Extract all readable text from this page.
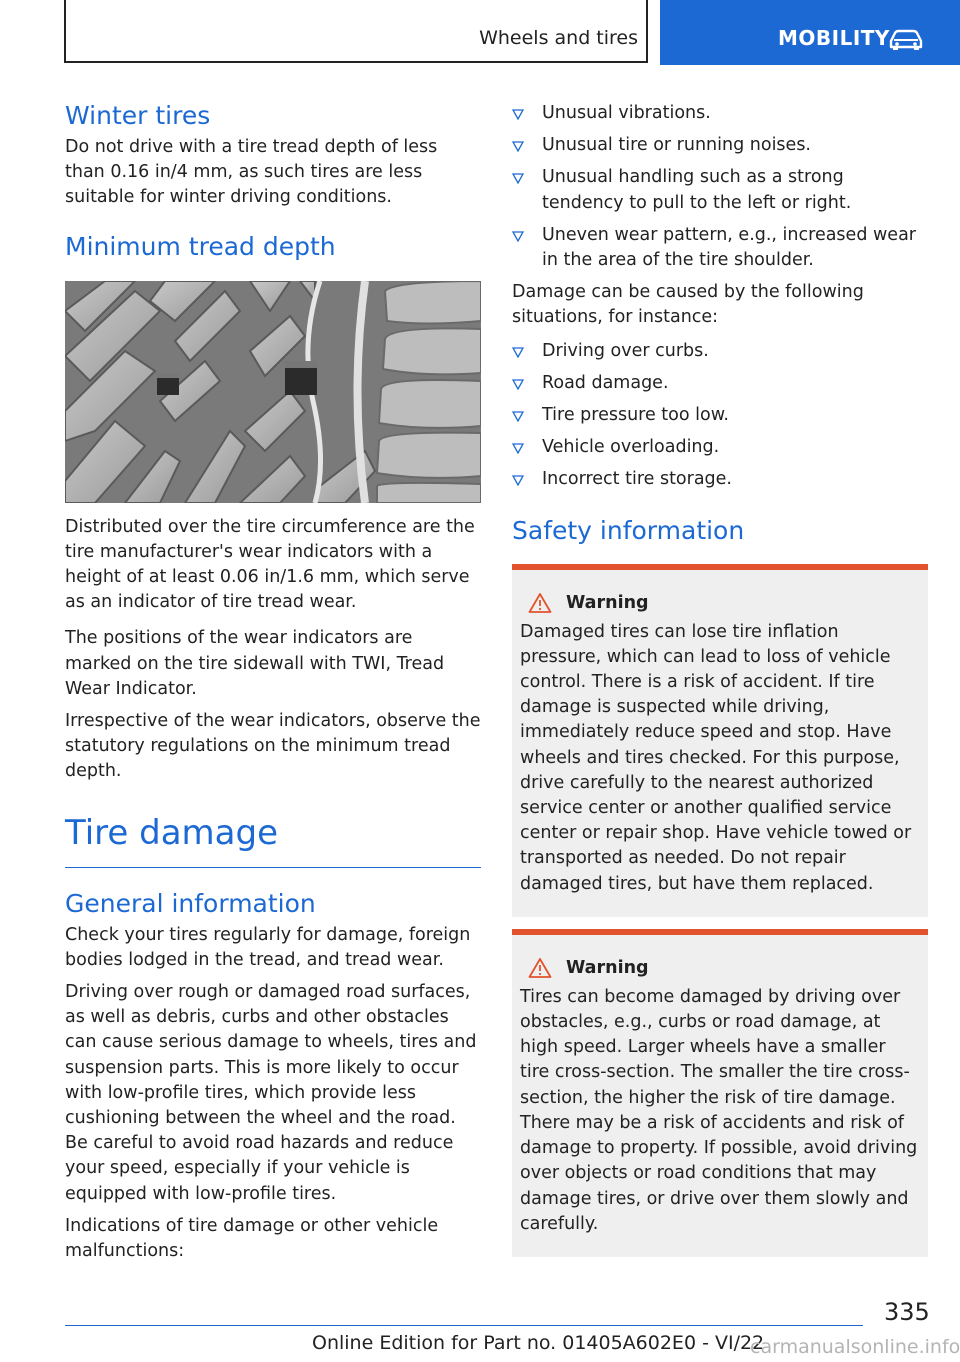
Wheels and tires	MOBILITY
Winter tires

Do not drive with a tire tread depth of less than 0.16 in/4 mm, as such tires are less suitable for winter driving conditions.

Minimum tread depth

Distributed over the tire circumference are the tire manufacturer's wear indicators with a height of at least 0.06 in/1.6 mm, which serve as an indicator of tire tread wear.

The positions of the wear indicators are marked on the tire sidewall with TWI, Tread Wear Indicator.

Irrespective of the wear indicators, observe the statutory regulations on the minimum tread depth.

Tire damage
General information

Check your tires regularly for damage, foreign bodies lodged in the tread, and tread wear.

Driving over rough or damaged road surfaces, as well as debris, curbs and other obstacles can cause serious damage to wheels, tires and suspension parts. This is more likely to occur with low-profile tires, which provide less cushioning between the wheel and the road. Be careful to avoid road hazards and reduce your speed, especially if your vehicle is equipped with low-profile tires.

Indications of tire damage or other vehicle malfunctions:

Unusual vibrations.
Unusual tire or running noises.
Unusual handling such as a strong tendency to pull to the left or right.
Uneven wear pattern, e.g., increased wear in the area of the tire shoulder.

Damage can be caused by the following situations, for instance:

Driving over curbs.
Road damage.
Tire pressure too low.
Vehicle overloading.
Incorrect tire storage.
Safety information
Warning

Damaged tires can lose tire inflation pressure, which can lead to loss of vehicle control. There is a risk of accident. If tire damage is suspected while driving, immediately reduce speed and stop. Have wheels and tires checked. For this purpose, drive carefully to the nearest authorized service center or another qualified service center or repair shop. Have vehicle towed or transported as needed. Do not repair damaged tires, but have them replaced.

Warning

Tires can become damaged by driving over obstacles, e.g., curbs or road damage, at high speed. Larger wheels have a smaller tire cross-section. The smaller the tire cross-section, the higher the risk of tire damage. There may be a risk of accidents and risk of damage to property. If possible, avoid driving over objects or road conditions that may damage tires, or drive over them slowly and carefully.

335
Online Edition for Part no. 01405A602E0 - VI/22
carmanualsonline.info
